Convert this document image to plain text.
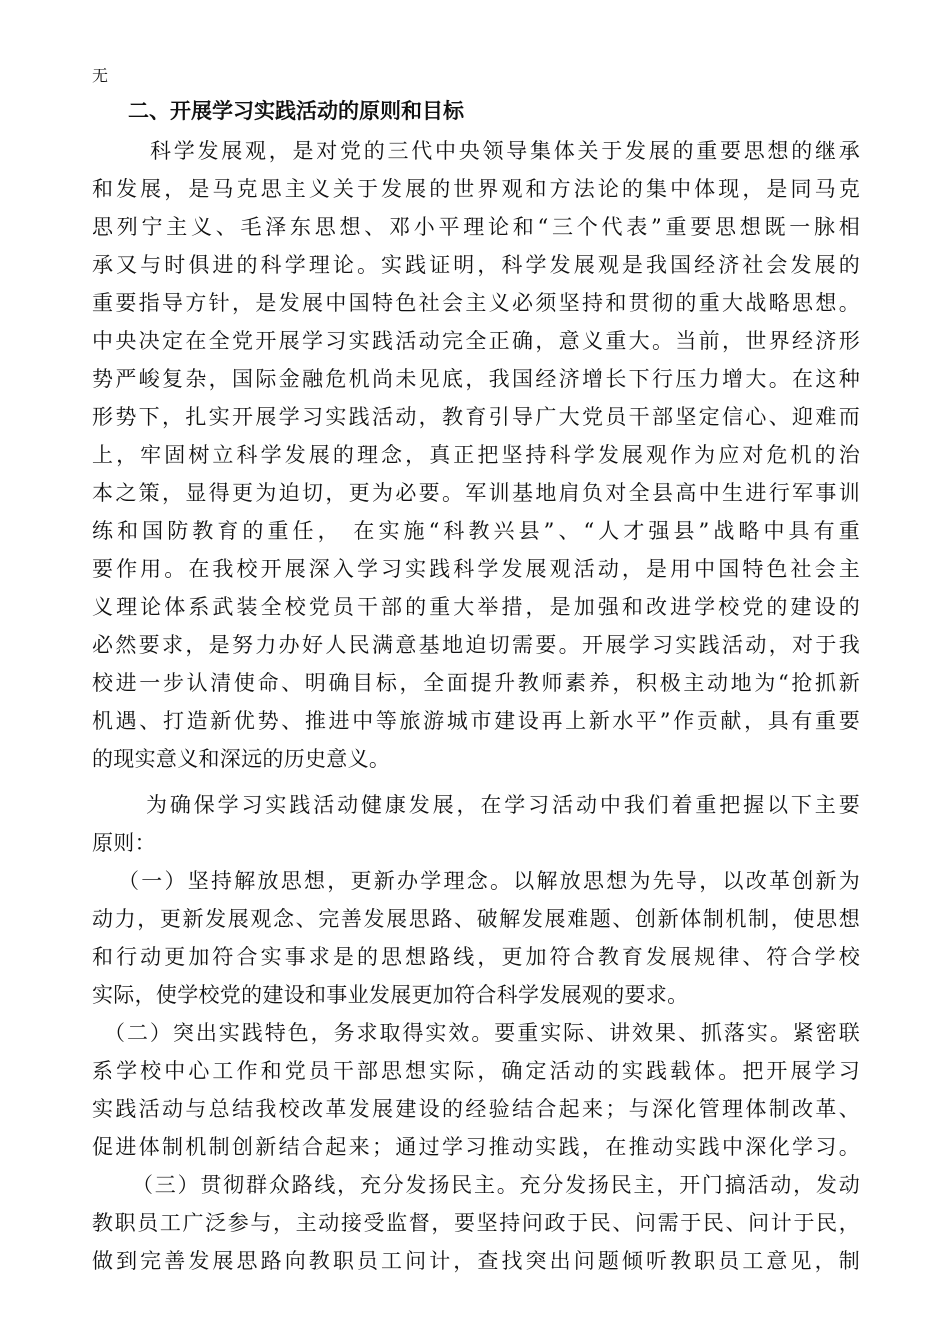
无
二、开展学习实践活动的原则和目标
科学发展观，是对党的三代中央领导集体关于发展的重要思想的继承
和发展，是马克思主义关于发展的世界观和方法论的集中体现，是同马克
思列宁主义、毛泽东思想、邓小平理论和“三个代表”重要思想既一脉相
承又与时俱进的科学理论。实践证明，科学发展观是我国经济社会发展的
重要指导方针，是发展中国特色社会主义必须坚持和贯彻的重大战略思想。
中央决定在全党开展学习实践活动完全正确，意义重大。当前，世界经济形
势严峻复杂，国际金融危机尚未见底，我国经济增长下行压力增大。在这种
形势下，扎实开展学习实践活动，教育引导广大党员干部坚定信心、迎难而
上，牢固树立科学发展的理念，真正把坚持科学发展观作为应对危机的治
本之策，显得更为迫切，更为必要。军训基地肩负对全县高中生进行军事训
练和国防教育的重任， 在实施“科教兴县”、“人才强县”战略中具有重
要作用。在我校开展深入学习实践科学发展观活动，是用中国特色社会主
义理论体系武装全校党员干部的重大举措，是加强和改进学校党的建设的
必然要求，是努力办好人民满意基地迫切需要。开展学习实践活动，对于我
校进一步认清使命、明确目标，全面提升教师素养，积极主动地为“抢抓新
机遇、打造新优势、推进中等旅游城市建设再上新水平”作贡献，具有重要
的现实意义和深远的历史意义。
为确保学习实践活动健康发展，在学习活动中我们着重把握以下主要
原则：
（一）坚持解放思想，更新办学理念。以解放思想为先导，以改革创新为
动力，更新发展观念、完善发展思路、破解发展难题、创新体制机制，使思想
和行动更加符合实事求是的思想路线，更加符合教育发展规律、符合学校
实际，使学校党的建设和事业发展更加符合科学发展观的要求。
（二）突出实践特色，务求取得实效。要重实际、讲效果、抓落实。紧密联
系学校中心工作和党员干部思想实际，确定活动的实践载体。把开展学习
实践活动与总结我校改革发展建设的经验结合起来；与深化管理体制改革、
促进体制机制创新结合起来；通过学习推动实践，在推动实践中深化学习。
（三）贯彻群众路线，充分发扬民主。充分发扬民主，开门搞活动，发动
教职员工广泛参与，主动接受监督，要坚持问政于民、问需于民、问计于民，
做到完善发展思路向教职员工问计，查找突出问题倾听教职员工意见，制
